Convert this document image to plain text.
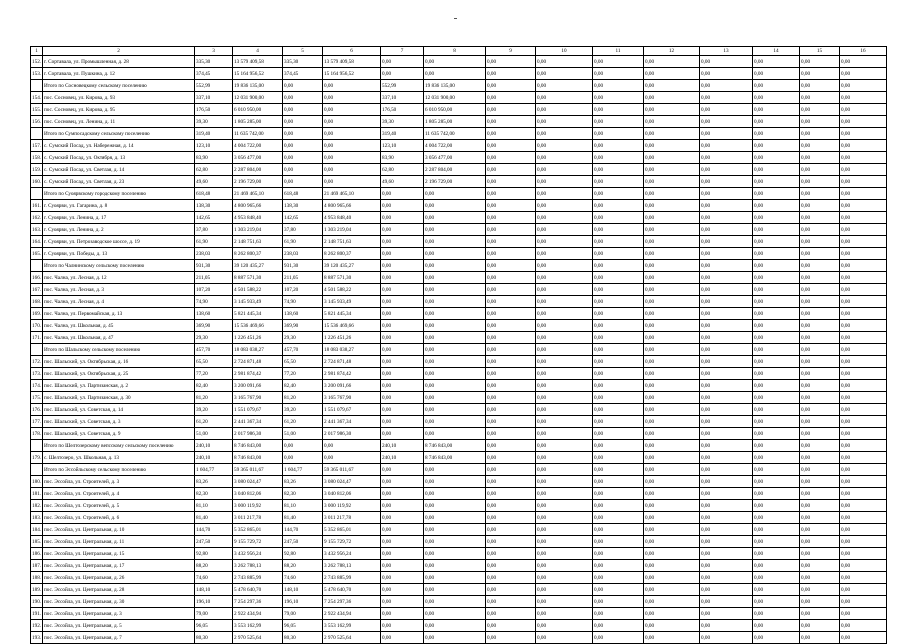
1	2	3	4	5	6	7	8	9	10	11	12	13	14	15	16
152.	г. Сортавала, ул. Промышленная, д. 28	335,30	13 579 409,58	335,30	13 579 409,58	0,00	0,00	0,00	0,00	0,00	0,00	0,00	0,00	0,00	0,00
153.	г. Сортавала, ул. Пушкина, д. 12	374,45	15 164 956,52	374,45	15 164 956,52	0,00	0,00	0,00	0,00	0,00	0,00	0,00	0,00	0,00	0,00
	Итого по Сосновецкому сельскому поселению	552,99	19 836 135,00	0,00	0,00	552,99	19 836 135,00	0,00	0,00	0,00	0,00	0,00	0,00	0,00	0,00
154.	пос. Сосновец, ул. Кирова, д. 93	337,10	12 031 900,00	0,00	0,00	337,10	12 031 900,00	0,00	0,00	0,00	0,00	0,00	0,00	0,00	0,00
155.	пос. Сосновец, ул. Кирова, д. 95	176,50	6 010 950,00	0,00	0,00	176,50	6 010 950,00	0,00	0,00	0,00	0,00	0,00	0,00	0,00	0,00
156.	пос. Сосновец, ул. Ленина, д. 11	39,30	1 805 285,00	0,00	0,00	39,30	1 805 285,00	0,00	0,00	0,00	0,00	0,00	0,00	0,00	0,00
	Итого по Сумпосадскому сельскому поселению	319,40	11 635 742,00	0,00	0,00	319,40	11 635 742,00	0,00	0,00	0,00	0,00	0,00	0,00	0,00	0,00
157.	с. Сумский Посад, ул. Набережная, д. 14	123,10	4 004 722,00	0,00	0,00	123,10	4 004 722,00	0,00	0,00	0,00	0,00	0,00	0,00	0,00	0,00
158.	с. Сумский Посад, ул. Октября, д. 13	83,90	3 056 477,00	0,00	0,00	83,90	3 056 477,00	0,00	0,00	0,00	0,00	0,00	0,00	0,00	0,00
159.	с. Сумский Посад, ул. Светлая, д. 14	62,80	2 287 804,00	0,00	0,00	62,80	2 287 804,00	0,00	0,00	0,00	0,00	0,00	0,00	0,00	0,00
160.	с. Сумский Посад, ул. Светлая, д. 23	49,60	2 196 729,00	0,00	0,00	49,60	2 196 729,00	0,00	0,00	0,00	0,00	0,00	0,00	0,00	0,00
	Итого по Суоярвскому городскому поселению	618,48	21 469 465,10	618,48	21 469 465,10	0,00	0,00	0,00	0,00	0,00	0,00	0,00	0,00	0,00	0,00
161.	г. Суоярви, ул. Гагарина, д. 8	138,30	4 800 965,66	138,30	4 800 965,66	0,00	0,00	0,00	0,00	0,00	0,00	0,00	0,00	0,00	0,00
162.	г. Суоярви, ул. Ленина, д. 17	142,65	4 953 848,40	142,65	4 953 848,40	0,00	0,00	0,00	0,00	0,00	0,00	0,00	0,00	0,00	0,00
163.	г. Суоярви, ул. Ленина, д. 2	37,80	1 303 219,04	37,80	1 303 219,04	0,00	0,00	0,00	0,00	0,00	0,00	0,00	0,00	0,00	0,00
164.	г. Суоярви, ул. Петрозаводское шоссе, д. 19	61,90	2 148 751,63	61,90	2 148 751,63	0,00	0,00	0,00	0,00	0,00	0,00	0,00	0,00	0,00	0,00
165.	г. Суоярви, ул. Победы, д. 13	238,03	8 262 800,37	238,03	8 262 800,37	0,00	0,00	0,00	0,00	0,00	0,00	0,00	0,00	0,00	0,00
	Итого по Чалнинскому сельскому поселению	931,30	39 120 435,27	931,30	39 120 435,27	0,00	0,00	0,00	0,00	0,00	0,00	0,00	0,00	0,00	0,00
166.	пос. Чална, ул. Лесная, д. 12	211,05	8 887 571,30	211,05	8 887 571,30	0,00	0,00	0,00	0,00	0,00	0,00	0,00	0,00	0,00	0,00
167.	пос. Чална, ул. Лесная, д. 3	107,20	4 501 588,22	107,20	4 501 588,22	0,00	0,00	0,00	0,00	0,00	0,00	0,00	0,00	0,00	0,00
168.	пос. Чална, ул. Лесная, д. 4	74,90	3 145 933,49	74,90	3 145 933,49	0,00	0,00	0,00	0,00	0,00	0,00	0,00	0,00	0,00	0,00
169.	пос. Чална, ул. Первомайская, д. 13	138,60	5 821 445,34	138,60	5 821 445,34	0,00	0,00	0,00	0,00	0,00	0,00	0,00	0,00	0,00	0,00
170.	пос. Чална, ул. Школьная, д. 45	369,90	15 536 469,66	369,90	15 536 469,66	0,00	0,00	0,00	0,00	0,00	0,00	0,00	0,00	0,00	0,00
171.	пос. Чална, ул. Школьная, д. 47	29,30	1 226 451,26	29,30	1 226 451,26	0,00	0,00	0,00	0,00	0,00	0,00	0,00	0,00	0,00	0,00
	Итого по Шальскому сельскому поселению	457,70	18 083 038,27	457,70	18 083 038,27	0,00	0,00	0,00	0,00	0,00	0,00	0,00	0,00	0,00	0,00
172.	пос. Шальский, ул. Октябрьская, д. 16	65,50	2 724 871,48	65,50	2 724 871,48	0,00	0,00	0,00	0,00	0,00	0,00	0,00	0,00	0,00	0,00
173.	пос. Шальский, ул. Октябрьская, д. 25	77,20	2 981 874,42	77,20	2 981 874,42	0,00	0,00	0,00	0,00	0,00	0,00	0,00	0,00	0,00	0,00
174.	пос. Шальский, ул. Партизанская, д. 2	82,40	3 200 091,66	82,40	3 200 091,66	0,00	0,00	0,00	0,00	0,00	0,00	0,00	0,00	0,00	0,00
175.	пос. Шальский, ул. Партизанская, д. 30	81,20	3 165 767,90	81,20	3 165 767,90	0,00	0,00	0,00	0,00	0,00	0,00	0,00	0,00	0,00	0,00
176.	пос. Шальский, ул. Советская, д. 14	39,20	1 551 079,67	39,20	1 551 079,67	0,00	0,00	0,00	0,00	0,00	0,00	0,00	0,00	0,00	0,00
177.	пос. Шальский, ул. Советская, д. 3	61,20	2 441 367,34	61,20	2 441 367,34	0,00	0,00	0,00	0,00	0,00	0,00	0,00	0,00	0,00	0,00
178.	пос. Шальский, ул. Советская, д. 9	51,00	2 017 986,30	51,00	2 017 986,30	0,00	0,00	0,00	0,00	0,00	0,00	0,00	0,00	0,00	0,00
	Итого по Шелтозерскому вепсскому сельскому поселению	240,10	8 746 843,00	0,00	0,00	240,10	8 746 843,00	0,00	0,00	0,00	0,00	0,00	0,00	0,00	0,00
179.	с. Шелтозеро, ул. Школьная, д. 13	240,10	8 746 843,00	0,00	0,00	240,10	8 746 843,00	0,00	0,00	0,00	0,00	0,00	0,00	0,00	0,00
	Итого по Эссойльскому сельскому поселению	1 604,77	59 365 011,67	1 604,77	59 365 011,67	0,00	0,00	0,00	0,00	0,00	0,00	0,00	0,00	0,00	0,00
180.	пос. Эссойла, ул. Строителей, д. 3	83,26	3 080 024,47	83,26	3 080 024,47	0,00	0,00	0,00	0,00	0,00	0,00	0,00	0,00	0,00	0,00
181.	пос. Эссойла, ул. Строителей, д. 4	82,30	3 040 812,06	82,30	3 040 812,06	0,00	0,00	0,00	0,00	0,00	0,00	0,00	0,00	0,00	0,00
182.	пос. Эссойла, ул. Строителей, д. 5	81,10	3 000 119,92	81,10	3 000 119,92	0,00	0,00	0,00	0,00	0,00	0,00	0,00	0,00	0,00	0,00
183.	пос. Эссойла, ул. Строителей, д. 6	81,40	3 011 217,78	81,40	3 011 217,78	0,00	0,00	0,00	0,00	0,00	0,00	0,00	0,00	0,00	0,00
184.	пос. Эссойла, ул. Центральная, д. 10	144,70	5 352 865,01	144,70	5 352 865,01	0,00	0,00	0,00	0,00	0,00	0,00	0,00	0,00	0,00	0,00
185.	пос. Эссойла, ул. Центральная, д. 11	247,50	9 155 729,72	247,50	9 155 729,72	0,00	0,00	0,00	0,00	0,00	0,00	0,00	0,00	0,00	0,00
186.	пос. Эссойла, ул. Центральная, д. 15	92,80	3 432 956,24	92,80	3 432 956,24	0,00	0,00	0,00	0,00	0,00	0,00	0,00	0,00	0,00	0,00
187.	пос. Эссойла, ул. Центральная, д. 17	88,20	3 262 788,13	88,20	3 262 788,13	0,00	0,00	0,00	0,00	0,00	0,00	0,00	0,00	0,00	0,00
188.	пос. Эссойла, ул. Центральная, д. 26	74,60	2 743 885,99	74,60	2 743 885,99	0,00	0,00	0,00	0,00	0,00	0,00	0,00	0,00	0,00	0,00
189.	пос. Эссойла, ул. Центральная, д. 28	148,10	5 478 640,70	148,10	5 478 640,70	0,00	0,00	0,00	0,00	0,00	0,00	0,00	0,00	0,00	0,00
190.	пос. Эссойла, ул. Центральная, д. 30	196,10	7 254 297,36	196,10	7 254 297,36	0,00	0,00	0,00	0,00	0,00	0,00	0,00	0,00	0,00	0,00
191.	пос. Эссойла, ул. Центральная, д. 3	79,00	2 922 434,94	79,00	2 922 434,94	0,00	0,00	0,00	0,00	0,00	0,00	0,00	0,00	0,00	0,00
192.	пос. Эссойла, ул. Центральная, д. 5	96,05	3 553 162,99	96,05	3 553 162,99	0,00	0,00	0,00	0,00	0,00	0,00	0,00	0,00	0,00	0,00
193.	пос. Эссойла, ул. Центральная, д. 7	80,30	2 970 525,64	80,30	2 970 525,64	0,00	0,00	0,00	0,00	0,00	0,00	0,00	0,00	0,00	0,00
